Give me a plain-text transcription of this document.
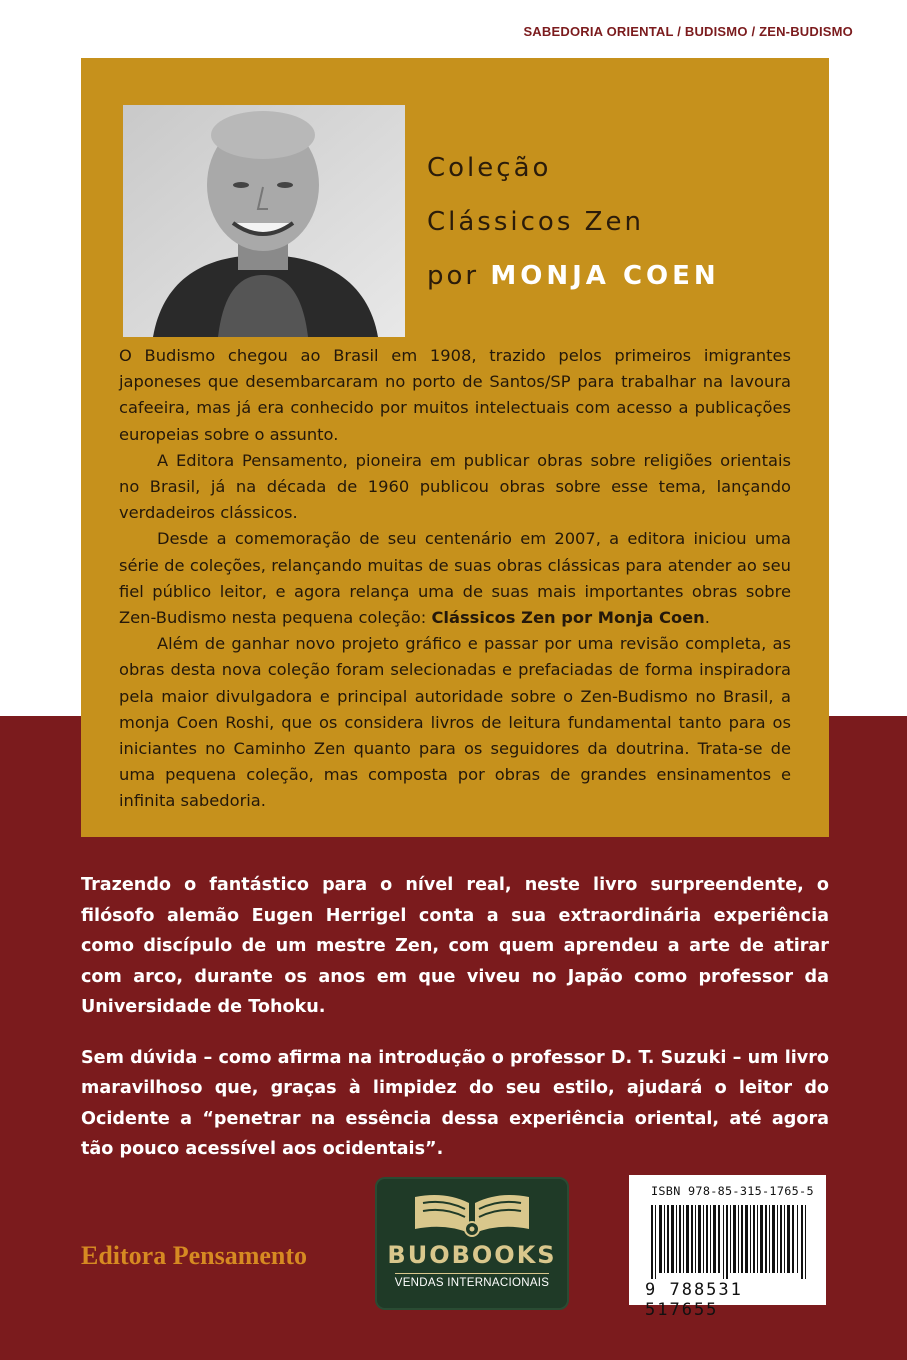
SABEDORIA ORIENTAL / BUDISMO / ZEN-BUDISMO
Coleção
Clássicos Zen
por MONJA COEN

O Budismo chegou ao Brasil em 1908, trazido pelos primeiros imigrantes japoneses que desembarcaram no porto de Santos/SP para trabalhar na lavoura cafeeira, mas já era conhecido por muitos intelectuais com acesso a publicações europeias sobre o assunto.

A Editora Pensamento, pioneira em publicar obras sobre religiões orientais no Brasil, já na década de 1960 publicou obras sobre esse tema, lançando verdadeiros clássicos.

Desde a comemoração de seu centenário em 2007, a editora iniciou uma série de coleções, relançando muitas de suas obras clássicas para atender ao seu fiel público leitor, e agora relança uma de suas mais importantes obras sobre Zen-Budismo nesta pequena coleção: Clássicos Zen por Monja Coen.

Além de ganhar novo projeto gráfico e passar por uma revisão completa, as obras desta nova coleção foram selecionadas e prefaciadas de forma inspiradora pela maior divulgadora e principal autoridade sobre o Zen-Budismo no Brasil, a monja Coen Roshi, que os considera livros de leitura fundamental tanto para os iniciantes no Caminho Zen quanto para os seguidores da doutrina. Trata-se de uma pequena coleção, mas composta por obras de grandes ensinamentos e infinita sabedoria.

Trazendo o fantástico para o nível real, neste livro surpreendente, o filósofo alemão Eugen Herrigel conta a sua extraordinária experiência como discípulo de um mestre Zen, com quem aprendeu a arte de atirar com arco, durante os anos em que viveu no Japão como professor da Universidade de Tohoku.

Sem dúvida – como afirma na introdução o professor D. T. Suzuki – um livro maravilhoso que, graças à limpidez do seu estilo, ajudará o leitor do Ocidente a “penetrar na essência dessa experiência oriental, até agora tão pouco acessível aos ocidentais”.

Editora Pensamento	BUOBOOKS
VENDAS INTERNACIONAIS
ISBN 978-85-315-1765-5
9 788531 517655
